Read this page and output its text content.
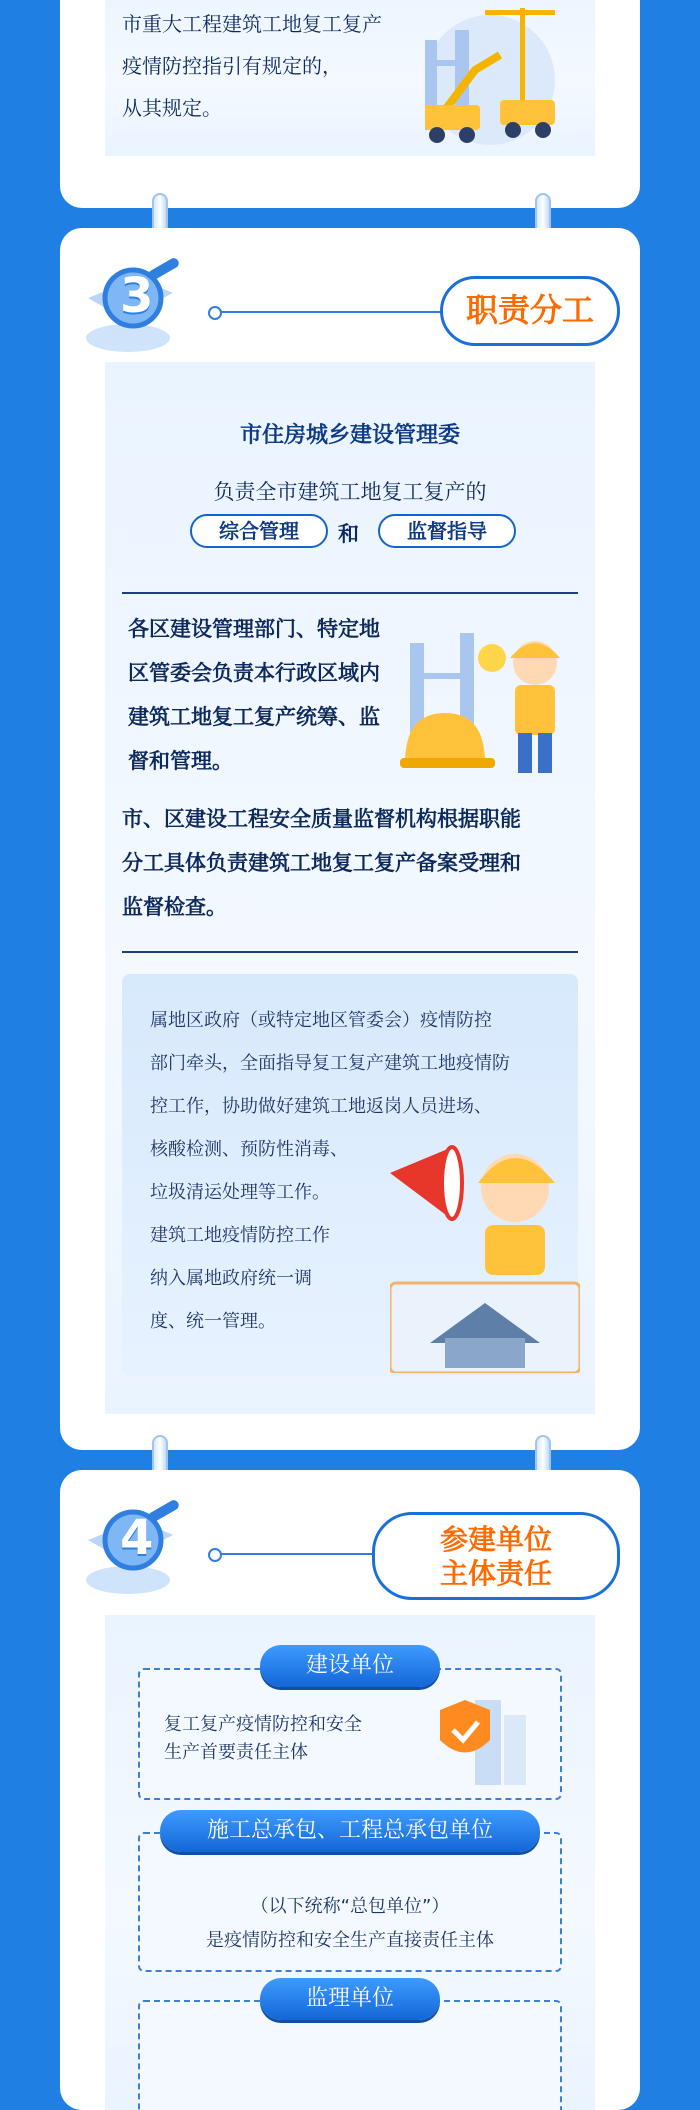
市重大工程建筑工地复工复产
疫情防控指引有规定的，
从其规定。
3	职责分工
市住房城乡建设管理委
负责全市建筑工地复工复产的
综合管理	和	监督指导
各区建设管理部门、特定地
区管委会负责本行政区域内
建筑工地复工复产统筹、监
督和管理。
市、区建设工程安全质量监督机构根据职能
分工具体负责建筑工地复工复产备案受理和
监督检查。
属地区政府（或特定地区管委会）疫情防控
部门牵头，全面指导复工复产建筑工地疫情防
控工作，协助做好建筑工地返岗人员进场、
核酸检测、预防性消毒、
垃圾清运处理等工作。
建筑工地疫情防控工作
纳入属地政府统一调
度、统一管理。
4	参建单位
主体责任
建设单位
复工复产疫情防控和安全
生产首要责任主体
施工总承包、工程总承包单位
（以下统称“总包单位”）
是疫情防控和安全生产直接责任主体
监理单位
